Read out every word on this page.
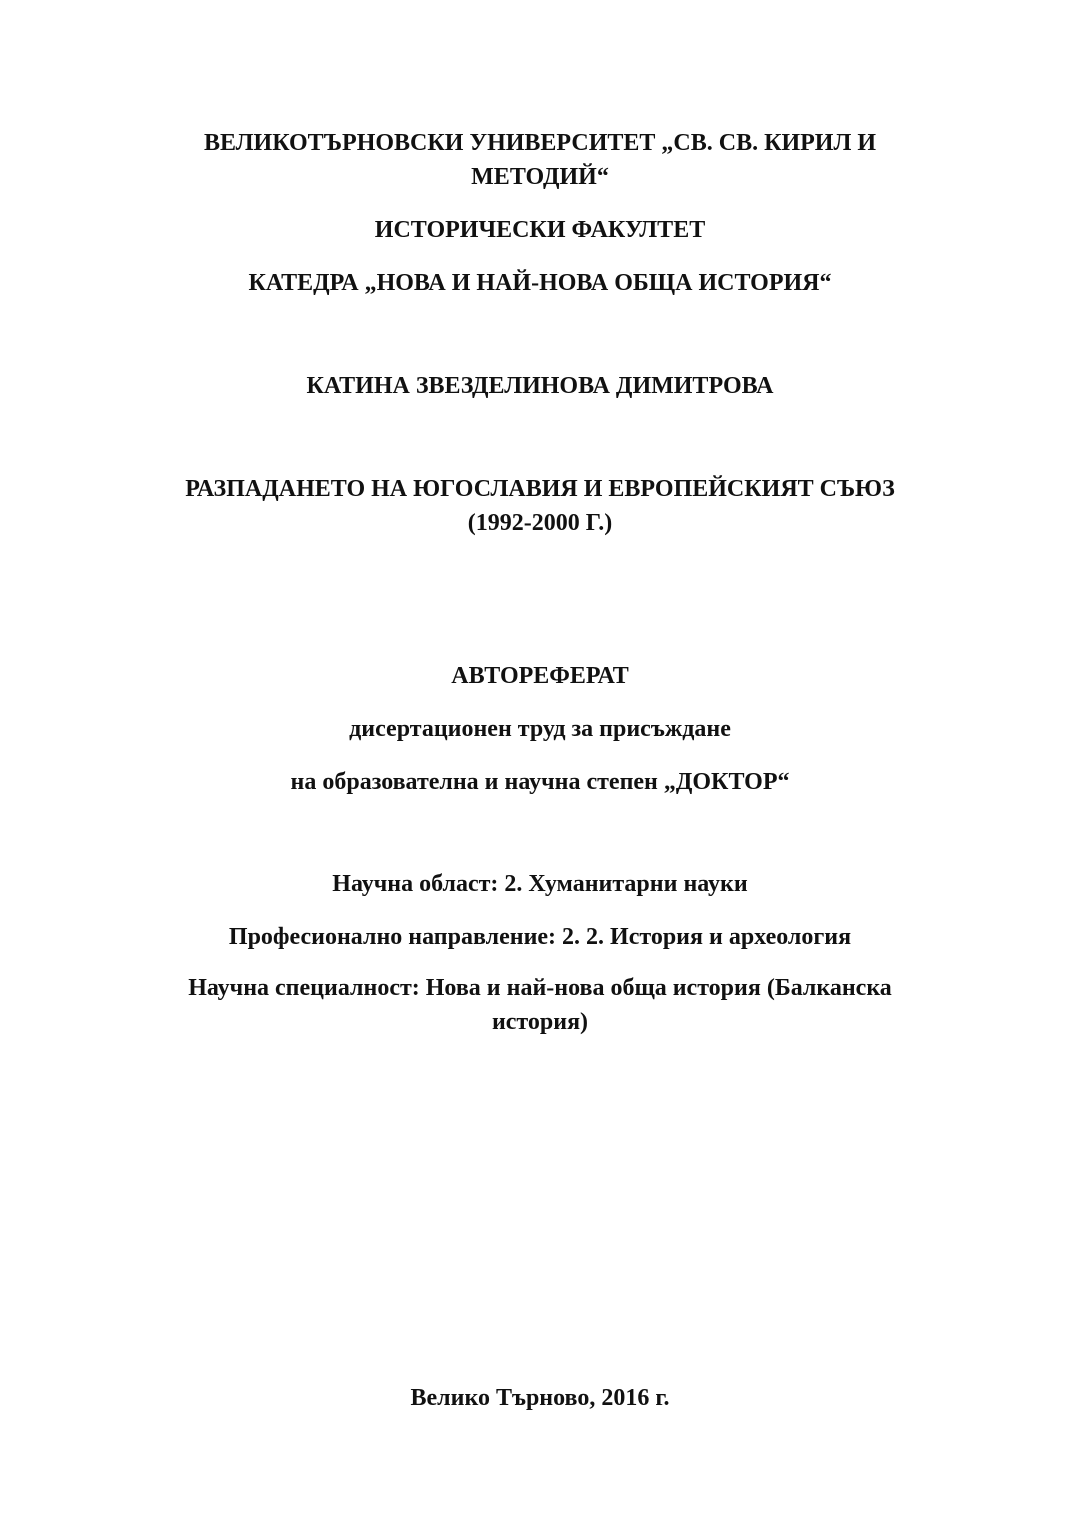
ВЕЛИКОТЪРНОВСКИ УНИВЕРСИТЕТ „СВ. СВ. КИРИЛ И
МЕТОДИЙ“
ИСТОРИЧЕСКИ ФАКУЛТЕТ
КАТЕДРА „НОВА И НАЙ-НОВА ОБЩА ИСТОРИЯ“
КАТИНА ЗВЕЗДЕЛИНОВА ДИМИТРОВА
РАЗПАДАНЕТО НА ЮГОСЛАВИЯ И ЕВРОПЕЙСКИЯТ СЪЮЗ
(1992-2000 Г.)
АВТОРЕФЕРАТ
дисертационен труд за присъждане
на образователна и научна степен „ДОКТОР“
Научна област: 2. Хуманитарни науки
Професионално направление: 2. 2. История и археология
Научна специалност: Нова и най-нова обща история (Балканска
история)
Велико Търново, 2016 г.
